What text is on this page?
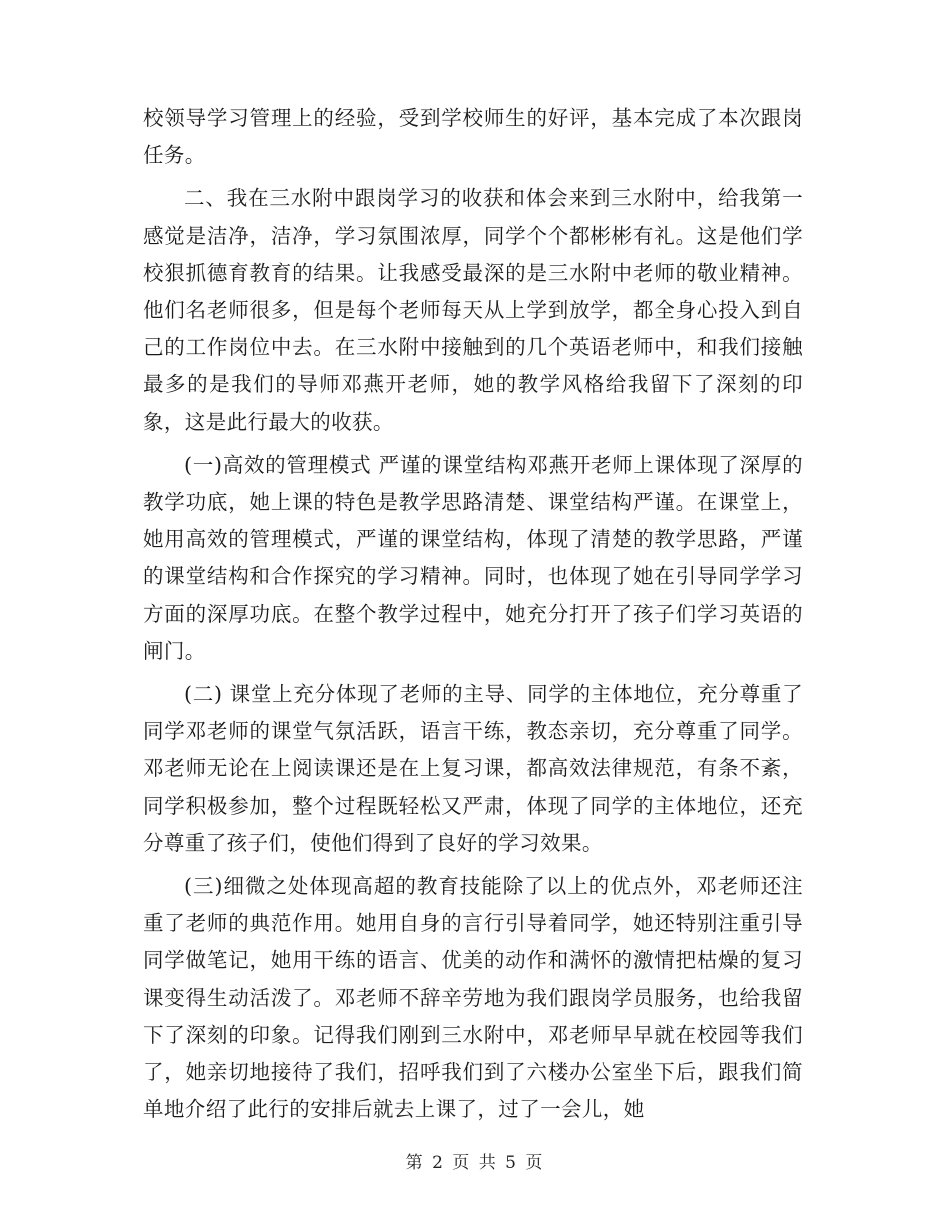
校领导学习管理上的经验，受到学校师生的好评，基本完成了本次跟岗任务。

二、我在三水附中跟岗学习的收获和体会来到三水附中，给我第一感觉是洁净，洁净，学习氛围浓厚，同学个个都彬彬有礼。这是他们学校狠抓德育教育的结果。让我感受最深的是三水附中老师的敬业精神。他们名老师很多，但是每个老师每天从上学到放学，都全身心投入到自己的工作岗位中去。在三水附中接触到的几个英语老师中，和我们接触最多的是我们的导师邓燕开老师，她的教学风格给我留下了深刻的印象，这是此行最大的收获。

(一)高效的管理模式 严谨的课堂结构邓燕开老师上课体现了深厚的教学功底，她上课的特色是教学思路清楚、课堂结构严谨。在课堂上，她用高效的管理模式，严谨的课堂结构，体现了清楚的教学思路，严谨的课堂结构和合作探究的学习精神。同时，也体现了她在引导同学学习方面的深厚功底。在整个教学过程中，她充分打开了孩子们学习英语的闸门。

(二) 课堂上充分体现了老师的主导、同学的主体地位，充分尊重了同学邓老师的课堂气氛活跃，语言干练，教态亲切，充分尊重了同学。邓老师无论在上阅读课还是在上复习课，都高效法律规范，有条不紊，同学积极参加，整个过程既轻松又严肃，体现了同学的主体地位，还充分尊重了孩子们，使他们得到了良好的学习效果。

(三)细微之处体现高超的教育技能除了以上的优点外，邓老师还注重了老师的典范作用。她用自身的言行引导着同学，她还特别注重引导同学做笔记，她用干练的语言、优美的动作和满怀的激情把枯燥的复习课变得生动活泼了。邓老师不辞辛劳地为我们跟岗学员服务，也给我留下了深刻的印象。记得我们刚到三水附中，邓老师早早就在校园等我们了，她亲切地接待了我们，招呼我们到了六楼办公室坐下后，跟我们简单地介绍了此行的安排后就去上课了，过了一会儿，她

第 2 页 共 5 页
